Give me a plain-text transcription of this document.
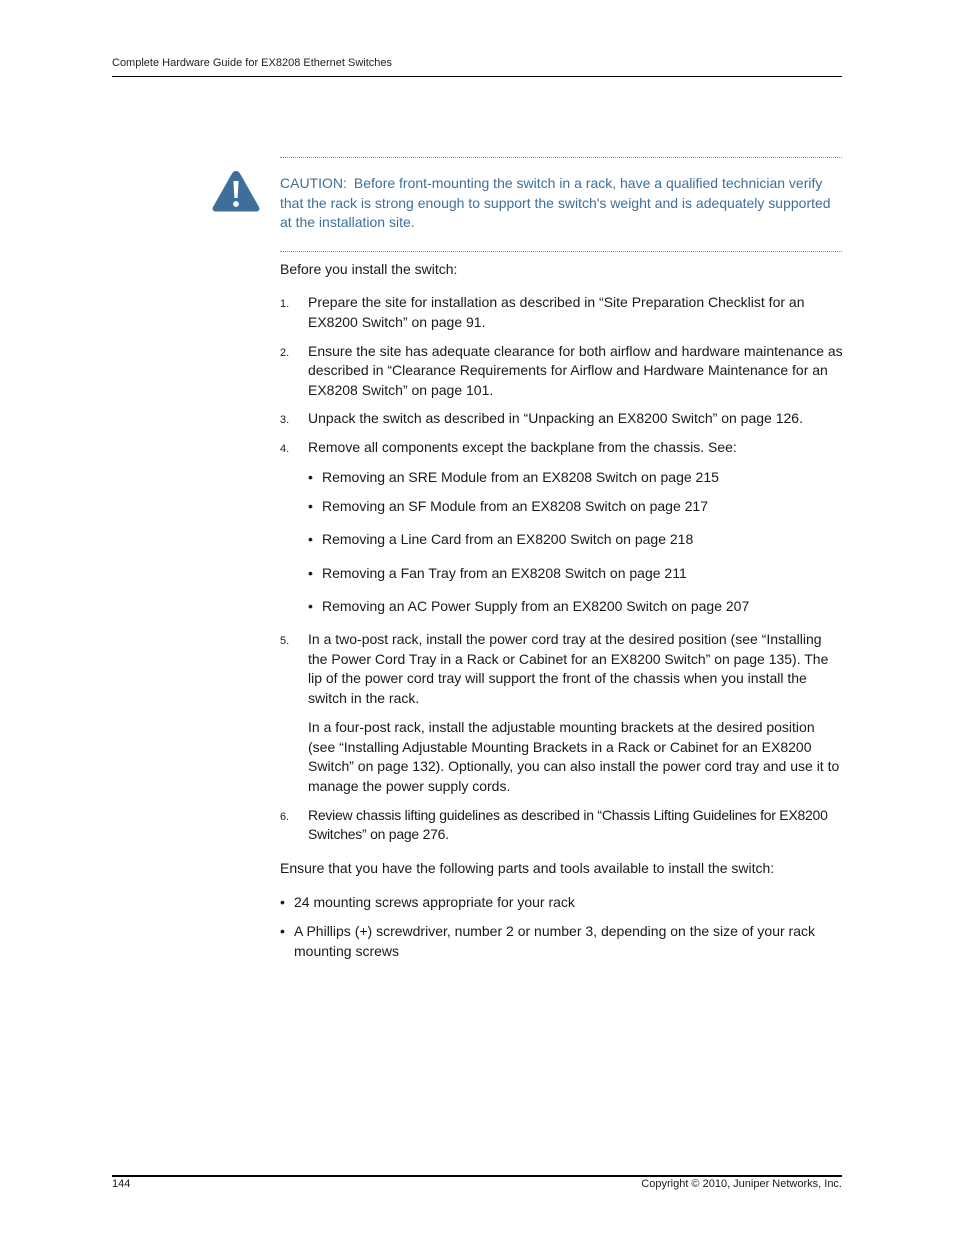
Complete Hardware Guide for EX8208 Ethernet Switches
CAUTION: Before front-mounting the switch in a rack, have a qualified technician verify that the rack is strong enough to support the switch's weight and is adequately supported at the installation site.
Before you install the switch:
1. Prepare the site for installation as described in “Site Preparation Checklist for an EX8200 Switch” on page 91.

2. Ensure the site has adequate clearance for both airflow and hardware maintenance as described in “Clearance Requirements for Airflow and Hardware Maintenance for an EX8208 Switch” on page 101.

3. Unpack the switch as described in “Unpacking an EX8200 Switch” on page 126.

4. Remove all components except the backplane from the chassis. See:

• Removing an SRE Module from an EX8208 Switch on page 215
• Removing an SF Module from an EX8208 Switch on page 217
• Removing a Line Card from an EX8200 Switch on page 218
• Removing a Fan Tray from an EX8208 Switch on page 211
• Removing an AC Power Supply from an EX8200 Switch on page 207
5. In a two-post rack, install the power cord tray at the desired position (see “Installing the Power Cord Tray in a Rack or Cabinet for an EX8200 Switch” on page 135). The lip of the power cord tray will support the front of the chassis when you install the switch in the rack.

In a four-post rack, install the adjustable mounting brackets at the desired position (see “Installing Adjustable Mounting Brackets in a Rack or Cabinet for an EX8200 Switch” on page 132). Optionally, you can also install the power cord tray and use it to manage the power supply cords.

6. Review chassis lifting guidelines as described in “Chassis Lifting Guidelines for EX8200 Switches” on page 276.

Ensure that you have the following parts and tools available to install the switch:
• 24 mounting screws appropriate for your rack
• A Phillips (+) screwdriver, number 2 or number 3, depending on the size of your rack mounting screws
144	Copyright © 2010, Juniper Networks, Inc.
